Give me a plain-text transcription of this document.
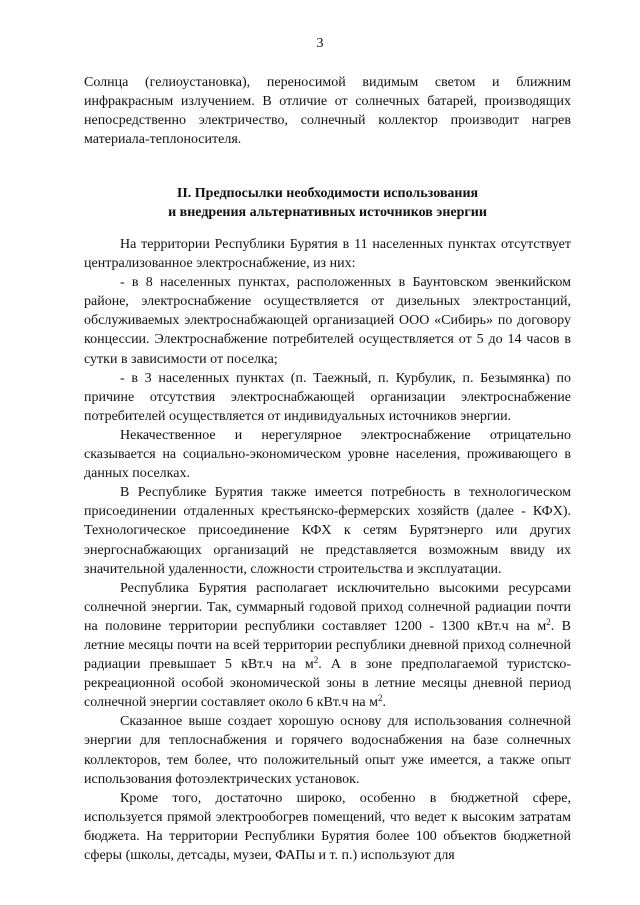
3

Солнца (гелиоустановка), переносимой видимым светом и ближним инфракрасным излучением. В отличие от солнечных батарей, производящих непосредственно электричество, солнечный коллектор производит нагрев материала-теплоносителя.

II. Предпосылки необходимости использования
и внедрения альтернативных источников энергии

На территории Республики Бурятия в 11 населенных пунктах отсутствует централизованное электроснабжение, из них:

- в 8 населенных пунктах, расположенных в Баунтовском эвенкийском районе, электроснабжение осуществляется от дизельных электростанций, обслуживаемых электроснабжающей организацией ООО «Сибирь» по договору концессии. Электроснабжение потребителей осуществляется от 5 до 14 часов в сутки в зависимости от поселка;

- в 3 населенных пунктах (п. Таежный, п. Курбулик, п. Безымянка) по причине отсутствия электроснабжающей организации электроснабжение потребителей осуществляется от индивидуальных источников энергии.

Некачественное и нерегулярное электроснабжение отрицательно сказывается на социально-экономическом уровне населения, проживающего в данных поселках.

В Республике Бурятия также имеется потребность в технологическом присоединении отдаленных крестьянско-фермерских хозяйств (далее - КФХ). Технологическое присоединение КФХ к сетям Бурятэнерго или других энергоснабжающих организаций не представляется возможным ввиду их значительной удаленности, сложности строительства и эксплуатации.

Республика Бурятия располагает исключительно высокими ресурсами солнечной энергии. Так, суммарный годовой приход солнечной радиации почти на половине территории республики составляет 1200 - 1300 кВт.ч на $м^2$. В летние месяцы почти на всей территории республики дневной приход солнечной радиации превышает 5 кВт.ч на $м^2$. А в зоне предполагаемой туристско-рекреационной особой экономической зоны в летние месяцы дневной период солнечной энергии составляет около 6 кВт.ч на $м^2$.

Сказанное выше создает хорошую основу для использования солнечной энергии для теплоснабжения и горячего водоснабжения на базе солнечных коллекторов, тем более, что положительный опыт уже имеется, а также опыт использования фотоэлектрических установок.

Кроме того, достаточно широко, особенно в бюджетной сфере, используется прямой электрообогрев помещений, что ведет к высоким затратам бюджета. На территории Республики Бурятия более 100 объектов бюджетной сферы (школы, детсады, музеи, ФАПы и т. п.) используют для
